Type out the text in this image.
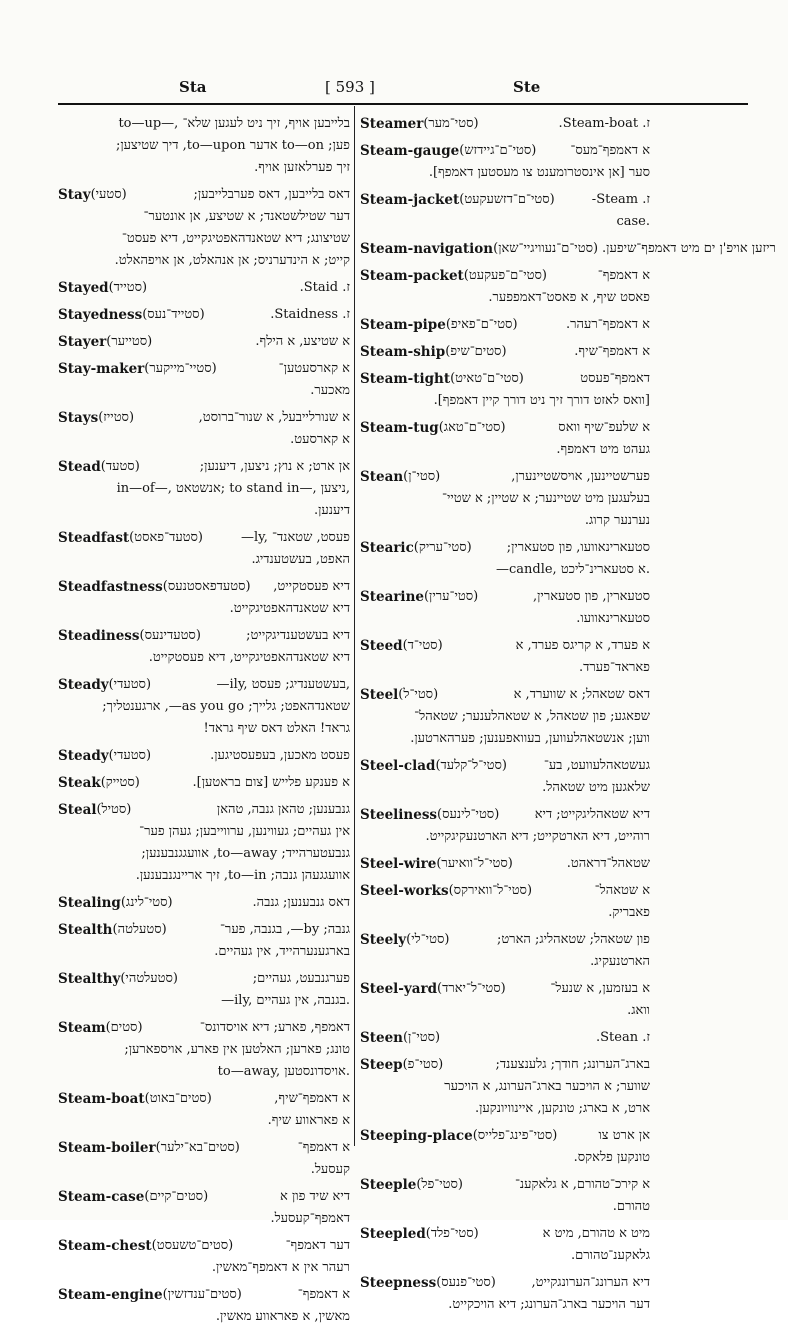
Sta	[ 593 ]	Ste
to—up—, בלייבען אויף, זיך ניט לעגען שלא־
פען; to—on אדער to—upon, דיך שטיצען;
זיך פערלאזען אויף.
Stay (סטעי)	דאס בלייבען, דאס פערבלייבען;
דער שטילשטאנד; א שטיצע, אן אונטער־
שטיצונג; דיא שטאנדהאפטיגקייט, דיא פעסט־
קייט; א הינדערניס; אן אנהאלט, אן אויפהאלט.
Stayed (סטייד)	ז. Staid.
Stayedness (סטייד־נעס)	ז. Staidness.
Stayer (סטייער)	א שטיצע, א הילף.
Stay-maker (סטיי־מייקער)	א קארסעטען־
מאכער.
Stays (סטייז)	א שנורלייבעל, א שנור־ברוסט,
א קארסעט.
Stead (סטעד)	אן ארט; א נוץ; ניצען, דיענען;
in—of—, אנשטאט; to stand in—, ניצען,
דיענען.
Steadfast (סטעד־פאסט)	—ly, פעסט, שטאנד־
האפט, בעשטענדיג.
Steadfastness (סטעדפאסטנעס)	דיא פעסטקייט,
דיא שטאנדהאפטיגקייט.
Steadiness (סטעדינעס)	דיא בעשטענדיגקייט;
דיא שטאנדהאפטיגקייט, דיא פעסטקייט.
Steady (סטעדי)	—ily, בעשטענדיג; פעסט,
שטאנדהאפט; גלייך; as you go—, ארגענטליך;
גראד! האלט דאס שיף גראד!
Steady (סטעדי)	פעסט מאכען, בעפעסטיגען.
Steak (סטייק)	א פענקע פלייש [צום בראטען].
Steal (סטיל)	גנבענען; טהאן גנבה, טהאן
אין געהיים; געווינען, ערווייבען; געהן פער־
גנבעטערהייד; to—away, אוועגגנבענען;
אוועגגעהן גנבה; to—in, זיך אריינגנבענען.
Stealing (סטי־לינג)	דאס גנבענען; גנבה.
Stealth (סטעלטה)	גנבה; by—, בגנבה, פער־
בארגענערהייד, אין געהיים.
Stealthy (סטעלטהי)	פערגנבעט, געהיים;
—ily, בגנבה, אין געהיים.
Steam (סטים)	דאמפף, פארע; דיא אויסדונס־
טונג; פארען; האלטען אין פארע, אויספארען;
to—away, אויסדונסטען.
Steam-boat (סטים־באוט)	א דאמפף־שיף,
א פאראווע שיף.
Steam-boiler (סטים־בא־ילער)	א דאמפף־
קעסעל.
Steam-case (סטים־קיים)	דיא שיד פון א
דאמפף־קעסעל.
Steam-chest (סטים־טשעסט)	דער דאמפף־
רעהר אין א דאמפף־מאשין.
Steam-engine (סטים־ענדזשין)	א דאמפף־
מאשין, א פאראווע מאשין.
Steamer (סטי־מער)	ז. Steam-boat.
Steam-gauge (סטי־ם־גיידזש)	א דאמפף־מעס־
סער [אן אינסטרומענט צו מעסטען דאמפף].
Steam-jacket (סטי־ם־דזשעקעט)	ז. Steam-
case.
Steam-navigation (סטי־ם־נעוויגיי־שאן) ריזען אויפ'ן ים מיט דאמפף־שיפען.
Steam-packet (סטי־ם־פעקעט)	א דאמפף־
פאסט שיף, א פאסט־דאמפפער.
Steam-pipe (סטי־ם־פאיפ)	א דאמפף־רעהר.
Steam-ship (סטים־שיפ)	א דאמפף־שיף.
Steam-tight (סטי־ם־טאיט)	דאמפף־פעסט
[וואס לאזט דורך זיך ניט דורך קיין דאמפף].
Steam-tug (סטי־ם־טאג)	א שלעפ־שיף וואס
געהט מיט דאמפף.
Stean (סטי־ן)	פערשטיינען, אויסשטיינערן,
בעלעגען מיט שטיינער; א שטיין; א שטיי־
נערנער קרוג.
Stearic (סטי־עריק)	סטעארינאוועו, פון סטעארין;
—candle, א סטעארינ־ליכט.
Stearine (סטי־ערין)	סטעארין, פון סטעארין,
סטעארינאוועו.
Steed (סטי־ד)	א פערד, א קריגס פערד, א
פאראד־פערד.
Steel (סטי־ל)	דאס שטאהל; א שווערד, א
שפאגע; פון שטאהל, א שטאהלענער; שטאהל־
ווען; אנשטאהלעווען, בעוואפענען; פערהארטען.
Steel-clad (סטי־ל־קלעד)	געשטאהלעוועט, בע־
שלאגען מיט שטאהל.
Steeliness (סטי־לינעס)	דיא שטאהליגקייט; דיא
רוהייט, דיא הארטקייט; דיא הארטנעקיגקייט.
Steel-wire (סטי־ל־וואיער)	שטאהל־דראהט.
Steel-works (סטי־ל־וואירקס)	א שטאהל־
פאבריק.
Steely (סטי־לי)	פון שטאהל; שטאהליג; הארט;
הארטנעקיג.
Steel-yard (סטי־ל־יארד)	א בעזמען, א שנעל־
וואג.
Steen (סטי־ן)	ז. Stean.
Steep (סטי־פ)	בארג־הערונג; חודך; גלענצענד;
שווער; א הויכער בארג־הערונג, א הויכער
ארט, א בארג; טונקען, איינוויונקען.
Steeping-place (סטי־פינג־פלייס)	אן ארט צו
טונקען פלאקס.
Steeple (סטי־פל)	א קירכ־טהורם, א גלאקענ־
טהורם.
Steepled (סטי־פלד)	מיט א טהורם, מיט א
גלאקענ־טהורם.
Steepness (סטי־פנעס)	דיא הערונג־הערונגקייט,
דער הויכער בארג־הערונג; דיא הויכקייט.
